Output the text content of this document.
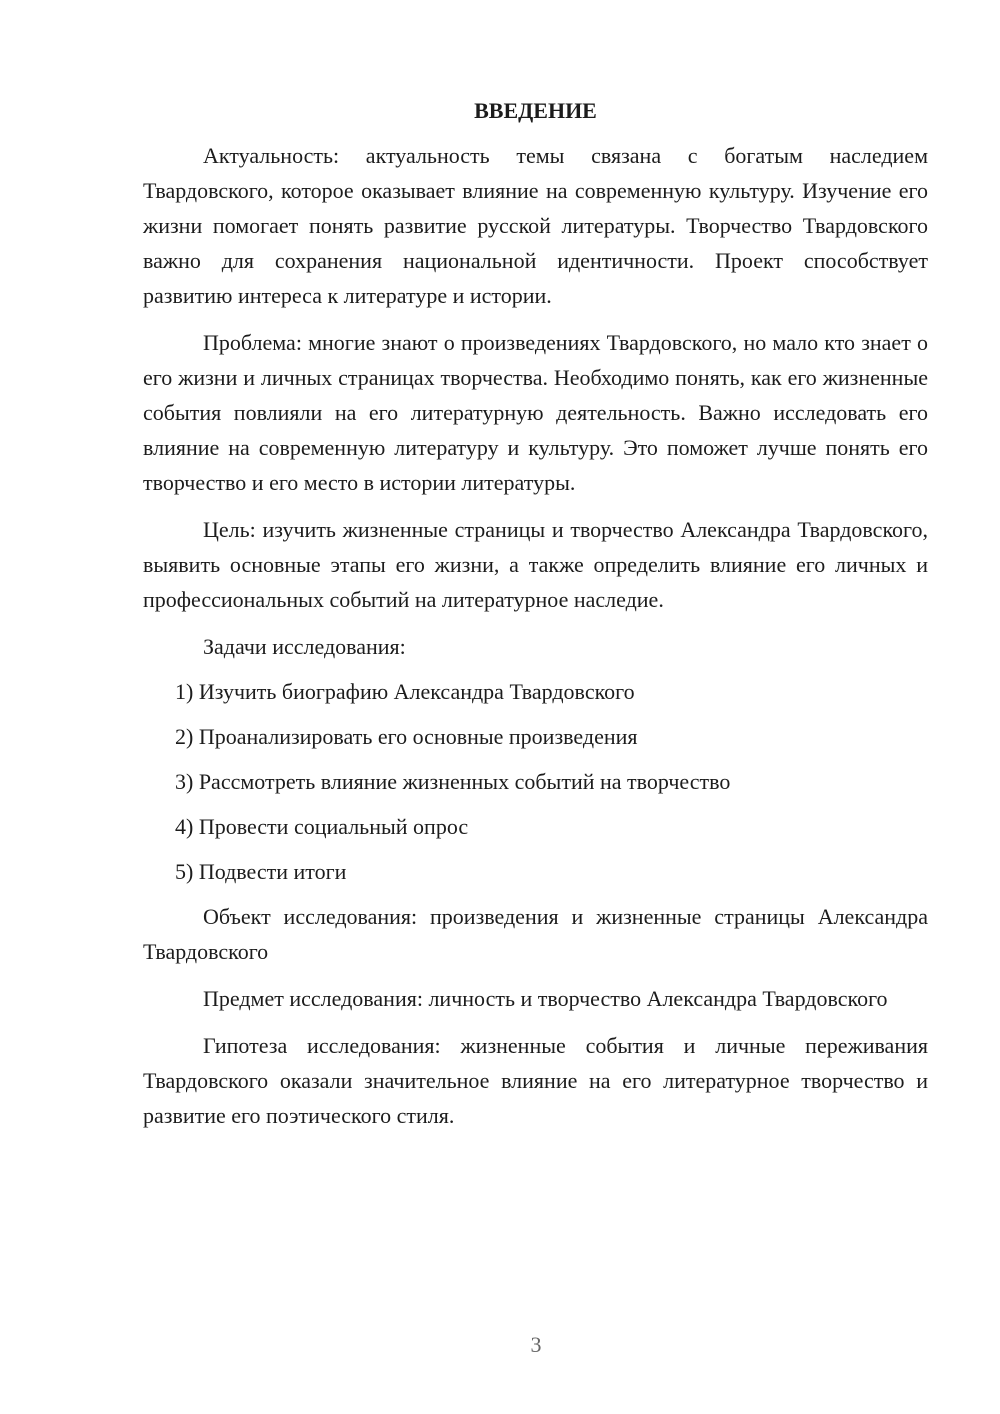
ВВЕДЕНИЕ

Актуальность: актуальность темы связана с богатым наследием Твардовского, которое оказывает влияние на современную культуру. Изучение его жизни помогает понять развитие русской литературы. Творчество Твардовского важно для сохранения национальной идентичности. Проект способствует развитию интереса к литературе и истории.

Проблема: многие знают о произведениях Твардовского, но мало кто знает о его жизни и личных страницах творчества. Необходимо понять, как его жизненные события повлияли на его литературную деятельность. Важно исследовать его влияние на современную литературу и культуру. Это поможет лучше понять его творчество и его место в истории литературы.

Цель: изучить жизненные страницы и творчество Александра Твардовского, выявить основные этапы его жизни, а также определить влияние его личных и профессиональных событий на литературное наследие.

Задачи исследования:

1) Изучить биографию Александра Твардовского
2) Проанализировать его основные произведения
3) Рассмотреть влияние жизненных событий на творчество
4) Провести социальный опрос
5) Подвести итоги

Объект исследования: произведения и жизненные страницы Александра Твардовского

Предмет исследования: личность и творчество Александра Твардовского

Гипотеза исследования: жизненные события и личные переживания Твардовского оказали значительное влияние на его литературное творчество и развитие его поэтического стиля.

3
